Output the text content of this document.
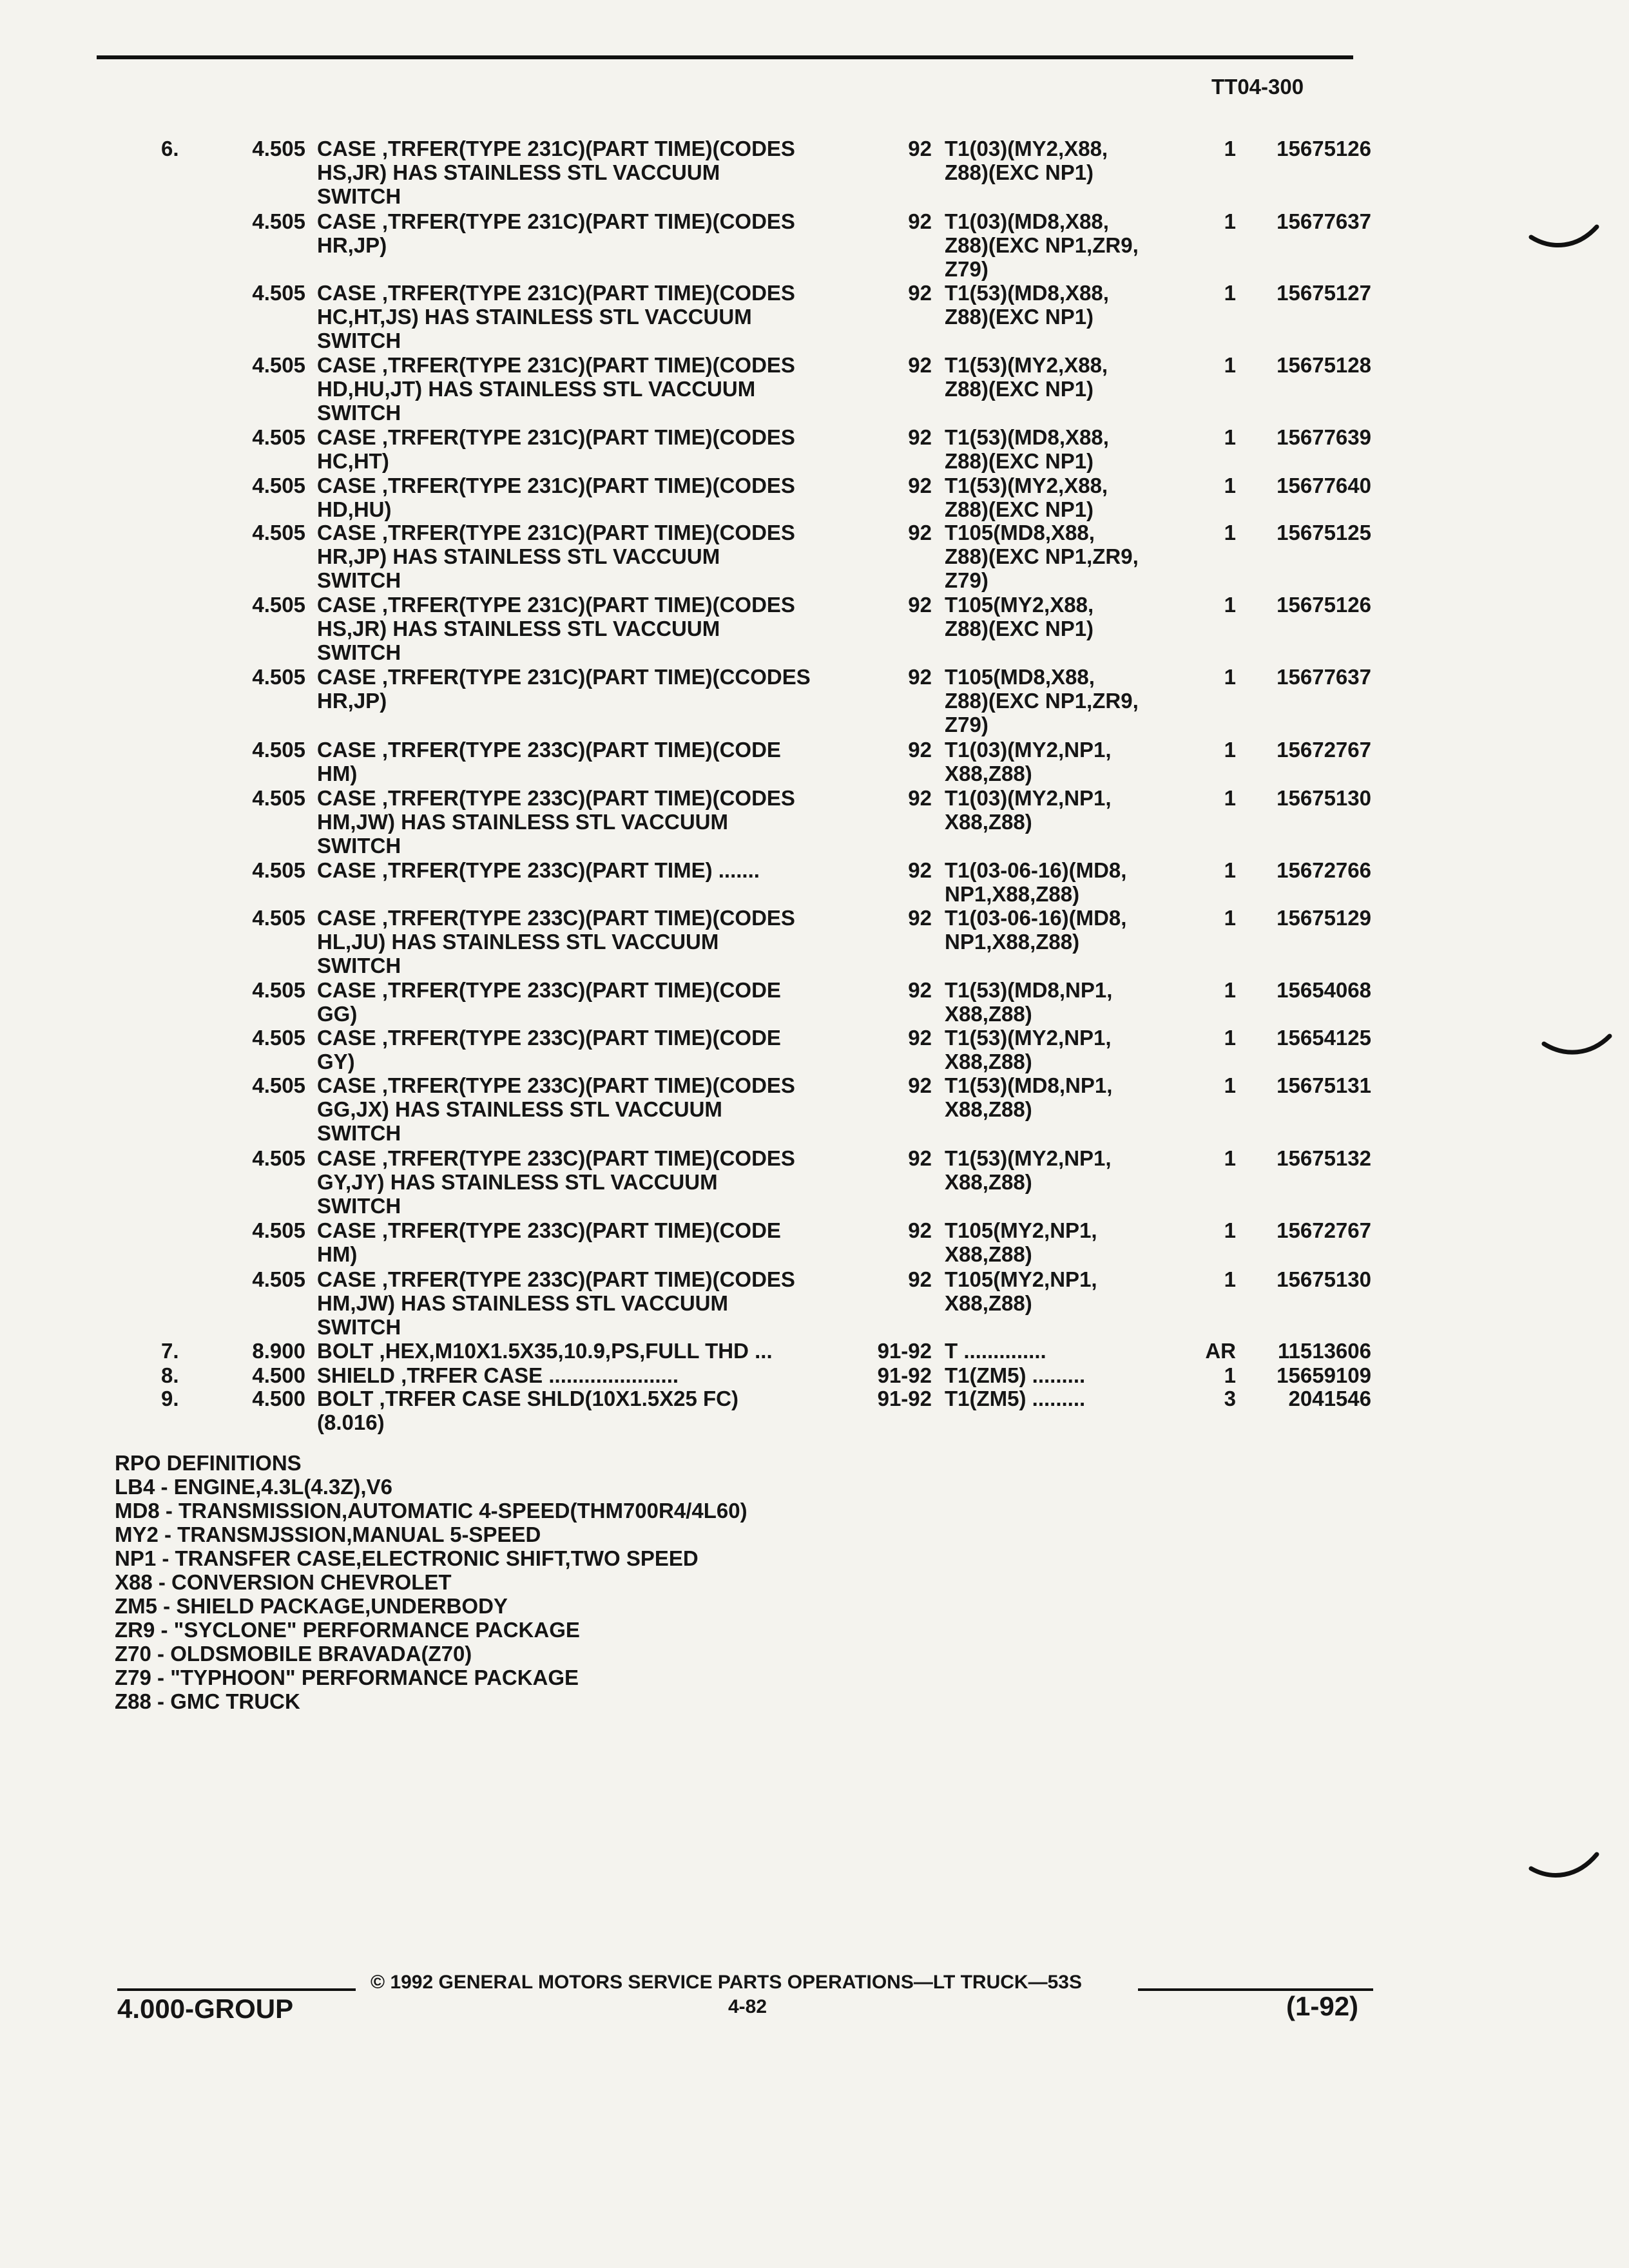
TT04-300
6.	4.505 CASE ,TRFER(TYPE 231C)(PART TIME)(CODES
HS,JR) HAS STAINLESS STL VACCUUM
SWITCH
92 T1(03)(MY2,X88,
Z88)(EXC NP1)
1	15675126
4.505 CASE ,TRFER(TYPE 231C)(PART TIME)(CODES
HR,JP)
92 T1(03)(MD8,X88,
Z88)(EXC NP1,ZR9,
Z79)
1	15677637
4.505 CASE ,TRFER(TYPE 231C)(PART TIME)(CODES
HC,HT,JS) HAS STAINLESS STL VACCUUM
SWITCH
92 T1(53)(MD8,X88,
Z88)(EXC NP1)
1	15675127
4.505 CASE ,TRFER(TYPE 231C)(PART TIME)(CODES
HD,HU,JT) HAS STAINLESS STL VACCUUM
SWITCH
92 T1(53)(MY2,X88,
Z88)(EXC NP1)
1	15675128
4.505 CASE ,TRFER(TYPE 231C)(PART TIME)(CODES
HC,HT)
92 T1(53)(MD8,X88,
Z88)(EXC NP1)
1	15677639
4.505 CASE ,TRFER(TYPE 231C)(PART TIME)(CODES
HD,HU)
92 T1(53)(MY2,X88,
Z88)(EXC NP1)
1	15677640
4.505 CASE ,TRFER(TYPE 231C)(PART TIME)(CODES
HR,JP) HAS STAINLESS STL VACCUUM
SWITCH
92 T105(MD8,X88,
Z88)(EXC NP1,ZR9,
Z79)
1	15675125
4.505 CASE ,TRFER(TYPE 231C)(PART TIME)(CODES
HS,JR) HAS STAINLESS STL VACCUUM
SWITCH
92 T105(MY2,X88,
Z88)(EXC NP1)
1	15675126
4.505 CASE ,TRFER(TYPE 231C)(PART TIME)(CCODES
HR,JP)
92 T105(MD8,X88,
Z88)(EXC NP1,ZR9,
Z79)
1	15677637
4.505 CASE ,TRFER(TYPE 233C)(PART TIME)(CODE
HM)
92 T1(03)(MY2,NP1,
X88,Z88)
1	15672767
4.505 CASE ,TRFER(TYPE 233C)(PART TIME)(CODES
HM,JW) HAS STAINLESS STL VACCUUM
SWITCH
92 T1(03)(MY2,NP1,
X88,Z88)
1	15675130
4.505 CASE ,TRFER(TYPE 233C)(PART TIME) .......	92 T1(03-06-16)(MD8,
NP1,X88,Z88)
1	15672766
4.505 CASE ,TRFER(TYPE 233C)(PART TIME)(CODES
HL,JU) HAS STAINLESS STL VACCUUM
SWITCH
92 T1(03-06-16)(MD8,
NP1,X88,Z88)
1	15675129
4.505 CASE ,TRFER(TYPE 233C)(PART TIME)(CODE
GG)
92 T1(53)(MD8,NP1,
X88,Z88)
1	15654068
4.505 CASE ,TRFER(TYPE 233C)(PART TIME)(CODE
GY)
92 T1(53)(MY2,NP1,
X88,Z88)
1	15654125
4.505 CASE ,TRFER(TYPE 233C)(PART TIME)(CODES
GG,JX) HAS STAINLESS STL VACCUUM
SWITCH
92 T1(53)(MD8,NP1,
X88,Z88)
1	15675131
4.505 CASE ,TRFER(TYPE 233C)(PART TIME)(CODES
GY,JY) HAS STAINLESS STL VACCUUM
SWITCH
92 T1(53)(MY2,NP1,
X88,Z88)
1	15675132
4.505 CASE ,TRFER(TYPE 233C)(PART TIME)(CODE
HM)
92 T105(MY2,NP1,
X88,Z88)
1	15672767
4.505 CASE ,TRFER(TYPE 233C)(PART TIME)(CODES
HM,JW) HAS STAINLESS STL VACCUUM
SWITCH
92 T105(MY2,NP1,
X88,Z88)
1	15675130
7.	8.900 BOLT ,HEX,M10X1.5X35,10.9,PS,FULL THD ...	91-92 T ..............	AR	11513606
8.	4.500 SHIELD ,TRFER CASE ......................	91-92 T1(ZM5) .........	1	15659109
9.	4.500 BOLT ,TRFER CASE SHLD(10X1.5X25 FC)
(8.016)
91-92 T1(ZM5) .........	3	2041546
RPO DEFINITIONS
LB4 - ENGINE,4.3L(4.3Z),V6
MD8 - TRANSMISSION,AUTOMATIC 4-SPEED(THM700R4/4L60)
MY2 - TRANSMJSSION,MANUAL 5-SPEED
NP1 - TRANSFER CASE,ELECTRONIC SHIFT,TWO SPEED
X88 - CONVERSION CHEVROLET
ZM5 - SHIELD PACKAGE,UNDERBODY
ZR9 - "SYCLONE" PERFORMANCE PACKAGE
Z70 - OLDSMOBILE BRAVADA(Z70)
Z79 - "TYPHOON" PERFORMANCE PACKAGE
Z88 - GMC TRUCK
© 1992 GENERAL MOTORS SERVICE PARTS OPERATIONS—LT TRUCK—53S
4.000-GROUP	4-82	(1-92)
